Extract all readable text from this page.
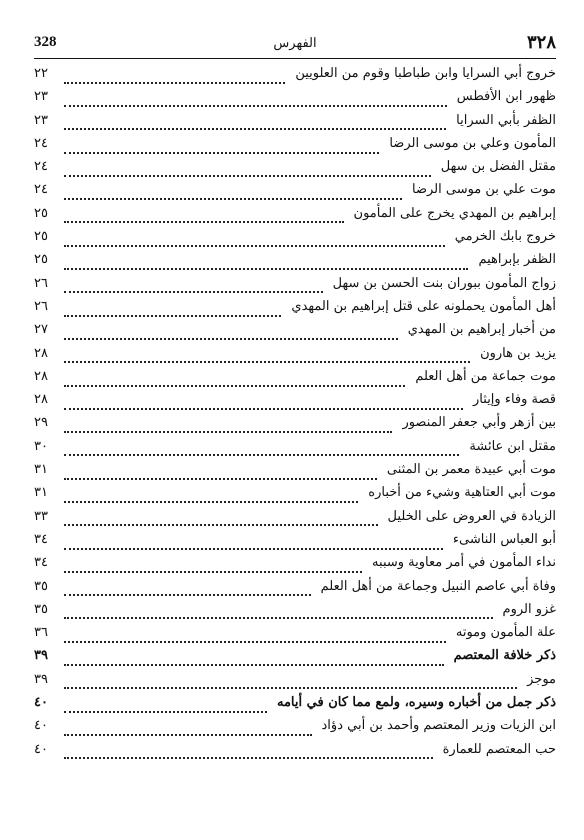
328	الفهرس	٣٢٨
خروج أبي السرايا وابن طباطبا وقوم من العلويين
٢٢
ظهور ابن الأفطس
٢٣
الظفر بأبي السرايا
٢٣
المأمون وعلي بن موسى الرضا
٢٤
مقتل الفضل بن سهل
٢٤
موت علي بن موسى الرضا
٢٤
إبراهيم بن المهدي يخرج على المأمون
٢٥
خروج بابك الخرمي
٢٥
الظفر بإبراهيم
٢٥
زواج المأمون ببوران بنت الحسن بن سهل
٢٦
أهل المأمون يحملونه على قتل إبراهيم بن المهدي
٢٦
من أخبار إبراهيم بن المهدي
٢٧
يزيد بن هارون
٢٨
موت جماعة من أهل العلم
٢٨
قصة وفاء وإيثار
٢٨
بين أزهر وأبي جعفر المنصور
٢٩
مقتل ابن عائشة
٣٠
موت أبي عبيدة معمر بن المثنى
٣١
موت أبي العتاهية وشيء من أخباره
٣١
الزيادة في العروض على الخليل
٣٣
أبو العباس الناشىء
٣٤
نداء المأمون في أمر معاوية وسببه
٣٤
وفاة أبي عاصم النبيل وجماعة من أهل العلم
٣٥
غزو الروم
٣٥
علة المأمون وموته
٣٦
ذكر خلافة المعتصم
٣٩
موجز
٣٩
ذكر جمل من أخباره وسيره، ولمع مما كان في أيامه
٤٠
ابن الزيات وزير المعتصم وأحمد بن أبي دؤاد
٤٠
حب المعتصم للعمارة
٤٠
